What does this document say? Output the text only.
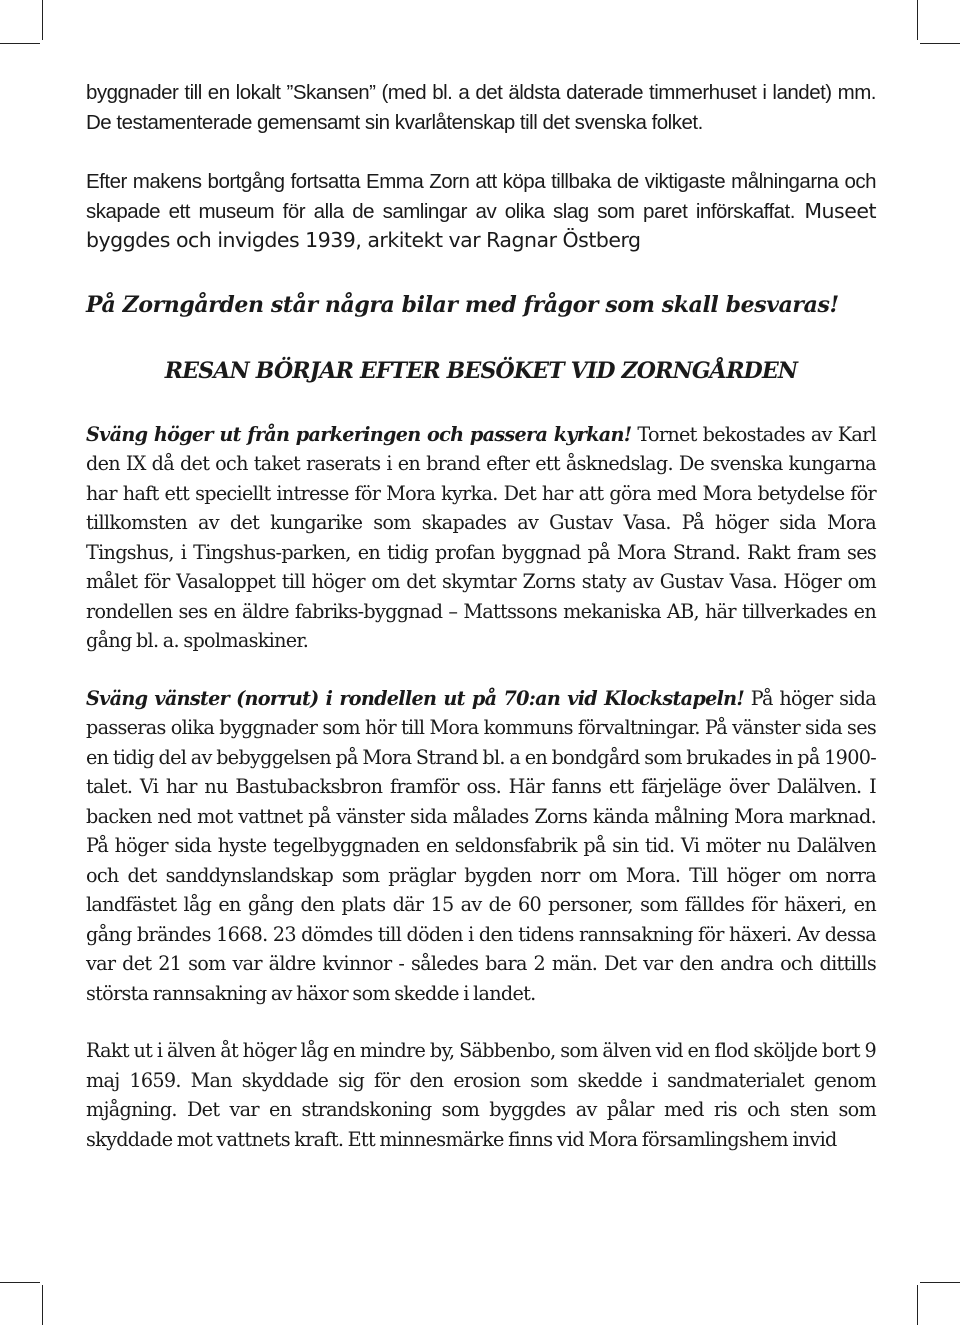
byggnader till en lokalt ”Skansen” (med bl. a det äldsta daterade timmerhuset i landet) mm. De testamenterade gemensamt sin kvarlåtenskap till det svenska folket.

Efter makens bortgång fortsatta Emma Zorn att köpa tillbaka de viktigaste målningarna och skapade ett museum för alla de samlingar av olika slag som paret införskaffat. Museet byggdes och invigdes 1939, arkitekt var Ragnar Östberg

På Zorngården står några bilar med frågor som skall besvaras!

RESAN BÖRJAR EFTER BESÖKET VID ZORNGÅRDEN

Sväng höger ut från parkeringen och passera kyrkan! Tornet bekostades av Karl den IX då det och taket raserats i en brand efter ett åsknedslag. De svenska kungarna har haft ett speciellt intresse för Mora kyrka. Det har att göra med Mora betydelse för tillkomsten av det kungarike som skapades av Gustav Vasa. På höger sida Mora Tingshus, i Tingshus-parken, en tidig profan byggnad på Mora Strand. Rakt fram ses målet för Vasaloppet till höger om det skymtar Zorns staty av Gustav Vasa. Höger om rondellen ses en äldre fabriks-byggnad – Mattssons mekaniska AB, här tillverkades en gång bl. a. spolmaskiner.

Sväng vänster (norrut) i rondellen ut på 70:an vid Klockstapeln! På höger sida passeras olika byggnader som hör till Mora kommuns förvaltningar. På vänster sida ses en tidig del av bebyggelsen på Mora Strand bl. a en bondgård som brukades in på 1900-talet. Vi har nu Bastubacksbron framför oss. Här fanns ett färjeläge över Dalälven. I backen ned mot vattnet på vänster sida målades Zorns kända målning Mora marknad. På höger sida hyste tegelbyggnaden en seldonsfabrik på sin tid. Vi möter nu Dalälven och det sanddynslandskap som präglar bygden norr om Mora. Till höger om norra landfästet låg en gång den plats där 15 av de 60 personer, som fälldes för häxeri, en gång brändes 1668. 23 dömdes till döden i den tidens rannsakning för häxeri. Av dessa var det 21 som var äldre kvinnor - således bara 2 män. Det var den andra och dittills största rannsakning av häxor som skedde i landet.

Rakt ut i älven åt höger låg en mindre by, Säbbenbo, som älven vid en flod sköljde bort 9 maj 1659. Man skyddade sig för den erosion som skedde i sandmaterialet genom mjågning. Det var en strandskoning som byggdes av pålar med ris och sten som skyddade mot vattnets kraft. Ett minnesmärke finns vid Mora församlingshem invid
